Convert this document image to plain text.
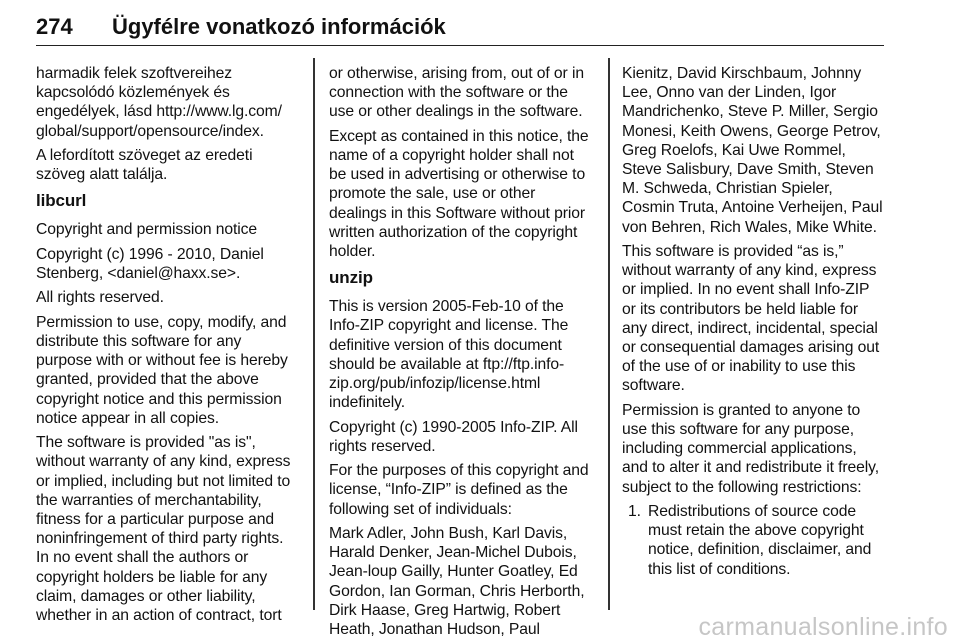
274 Ügyfélre vonatkozó információk

harmadik felek szoftvereihez kapcsolódó közlemények és engedélyek, lásd http://www.lg.com/ global/support/opensource/index.

A lefordított szöveget az eredeti szöveg alatt találja.

libcurl

Copyright and permission notice

Copyright (c) 1996 - 2010, Daniel Stenberg, <daniel@haxx.se>.

All rights reserved.

Permission to use, copy, modify, and distribute this software for any purpose with or without fee is hereby granted, provided that the above copyright notice and this permission notice appear in all copies.

The software is provided "as is", without warranty of any kind, express or implied, including but not limited to the warranties of merchantability, fitness for a particular purpose and noninfringement of third party rights. In no event shall the authors or copyright holders be liable for any claim, damages or other liability, whether in an action of contract, tort

or otherwise, arising from, out of or in connection with the software or the use or other dealings in the software.

Except as contained in this notice, the name of a copyright holder shall not be used in advertising or otherwise to promote the sale, use or other dealings in this Software without prior written authorization of the copyright holder.

unzip

This is version 2005-Feb-10 of the Info-ZIP copyright and license. The definitive version of this document should be available at ftp://ftp.info-zip.org/pub/infozip/license.html indefinitely.

Copyright (c) 1990-2005 Info-ZIP. All rights reserved.

For the purposes of this copyright and license, “Info-ZIP” is defined as the following set of individuals:

Mark Adler, John Bush, Karl Davis, Harald Denker, Jean-Michel Dubois, Jean-loup Gailly, Hunter Goatley, Ed Gordon, Ian Gorman, Chris Herborth, Dirk Haase, Greg Hartwig, Robert Heath, Jonathan Hudson, Paul

Kienitz, David Kirschbaum, Johnny Lee, Onno van der Linden, Igor Mandrichenko, Steve P. Miller, Sergio Monesi, Keith Owens, George Petrov, Greg Roelofs, Kai Uwe Rommel, Steve Salisbury, Dave Smith, Steven M. Schweda, Christian Spieler, Cosmin Truta, Antoine Verheijen, Paul von Behren, Rich Wales, Mike White.

This software is provided “as is,” without warranty of any kind, express or implied. In no event shall Info-ZIP or its contributors be held liable for any direct, indirect, incidental, special or consequential damages arising out of the use of or inability to use this software.

Permission is granted to anyone to use this software for any purpose, including commercial applications, and to alter it and redistribute it freely, subject to the following restrictions:

1. Redistributions of source code must retain the above copyright notice, definition, disclaimer, and this list of conditions.
carmanualsonline.info
